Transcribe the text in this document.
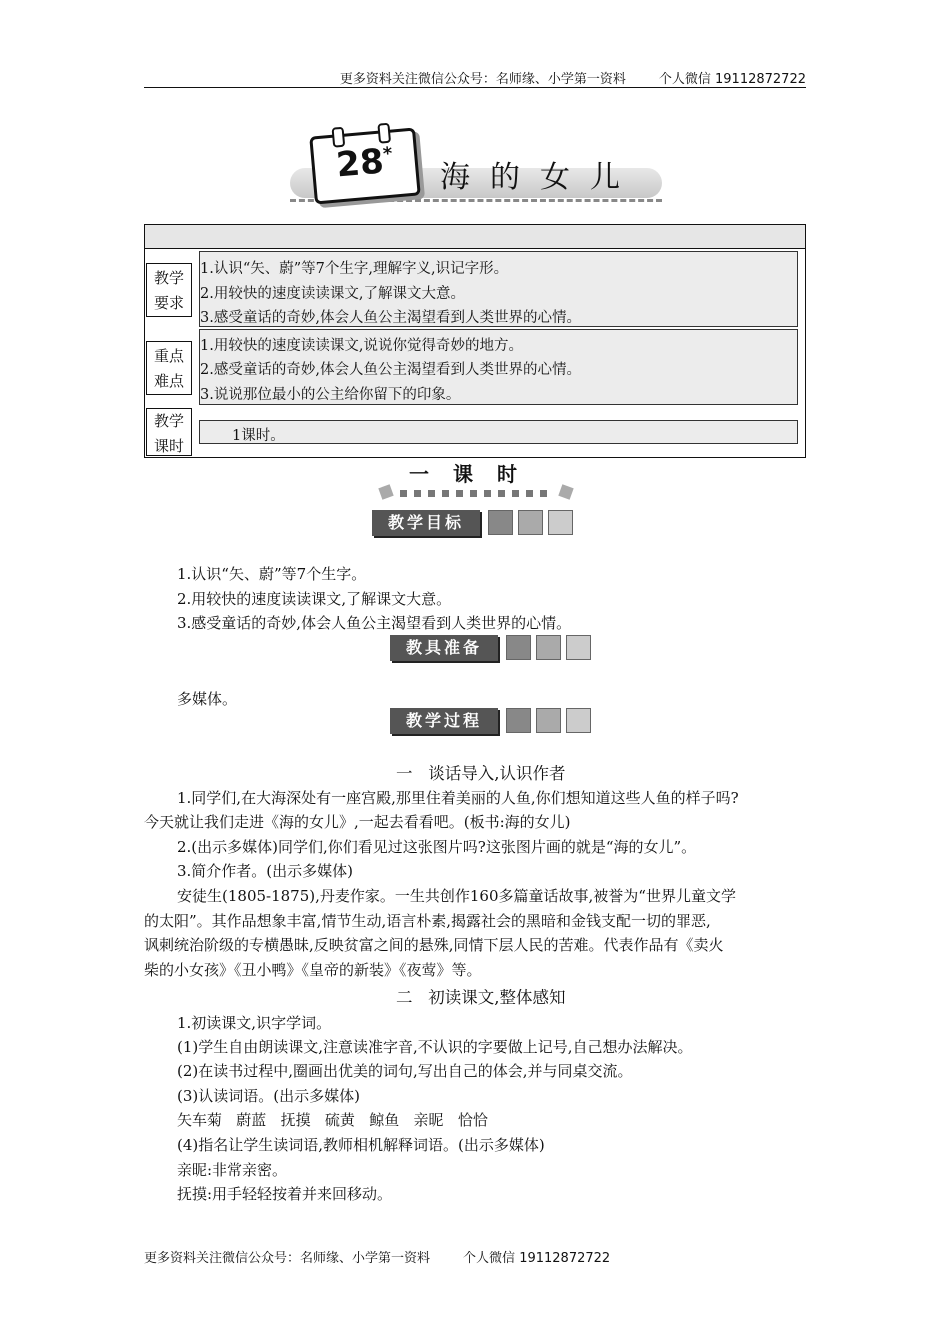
更多资料关注微信公众号：名师缘、小学第一资料        个人微信 19112872722
28*
海的女儿
教学
要求
1.认识“矢、蔚”等7个生字,理解字义,识记字形。
2.用较快的速度读读课文,了解课文大意。
3.感受童话的奇妙,体会人鱼公主渴望看到人类世界的心情。
重点
难点
1.用较快的速度读读课文,说说你觉得奇妙的地方。
2.感受童话的奇妙,体会人鱼公主渴望看到人类世界的心情。
3.说说那位最小的公主给你留下的印象。
教学
课时
1课时。
一课时
教学目标
1.认识“矢、蔚”等7个生字。
2.用较快的速度读读课文,了解课文大意。
3.感受童话的奇妙,体会人鱼公主渴望看到人类世界的心情。
教具准备
多媒体。
教学过程
一   谈话导入,认识作者
1.同学们,在大海深处有一座宫殿,那里住着美丽的人鱼,你们想知道这些人鱼的样子吗?
今天就让我们走进《海的女儿》,一起去看看吧。(板书:海的女儿)
2.(出示多媒体)同学们,你们看见过这张图片吗?这张图片画的就是“海的女儿”。
3.简介作者。(出示多媒体)
安徒生(1805-1875),丹麦作家。一生共创作160多篇童话故事,被誉为“世界儿童文学
的太阳”。其作品想象丰富,情节生动,语言朴素,揭露社会的黑暗和金钱支配一切的罪恶,
讽刺统治阶级的专横愚昧,反映贫富之间的悬殊,同情下层人民的苦难。代表作品有《卖火
柴的小女孩》《丑小鸭》《皇帝的新装》《夜莺》等。
二   初读课文,整体感知
1.初读课文,识字学词。
(1)学生自由朗读课文,注意读准字音,不认识的字要做上记号,自己想办法解决。
(2)在读书过程中,圈画出优美的词句,写出自己的体会,并与同桌交流。
(3)认读词语。(出示多媒体)
矢车菊   蔚蓝   抚摸   硫黄   鲸鱼   亲昵   恰恰
(4)指名让学生读词语,教师相机解释词语。(出示多媒体)
亲昵:非常亲密。
抚摸:用手轻轻按着并来回移动。
更多资料关注微信公众号：名师缘、小学第一资料        个人微信 19112872722
